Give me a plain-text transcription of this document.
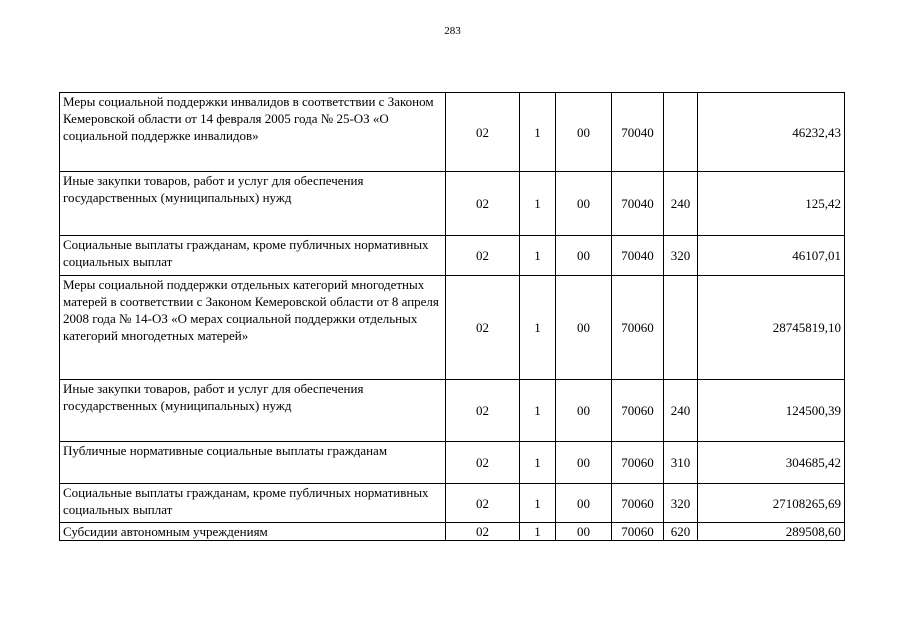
283
Меры социальной поддержки инвалидов в соответствии с Законом Кемеровской области от 14 февраля 2005 года № 25-ОЗ «О социальной поддержке инвалидов»	02	1	00	70040		46232,43
Иные закупки товаров, работ и услуг для обеспечения государственных (муниципальных) нужд	02	1	00	70040	240	125,42
Социальные выплаты гражданам, кроме публичных нормативных социальных выплат	02	1	00	70040	320	46107,01
Меры социальной поддержки отдельных категорий многодетных матерей в соответствии с Законом Кемеровской области от 8 апреля 2008 года № 14-ОЗ «О мерах социальной поддержки отдельных категорий многодетных матерей»	02	1	00	70060		28745819,10
Иные закупки товаров, работ и услуг для обеспечения государственных (муниципальных) нужд	02	1	00	70060	240	124500,39
Публичные нормативные социальные выплаты гражданам	02	1	00	70060	310	304685,42
Социальные выплаты гражданам, кроме публичных нормативных социальных выплат	02	1	00	70060	320	27108265,69
Субсидии автономным учреждениям	02	1	00	70060	620	289508,60
